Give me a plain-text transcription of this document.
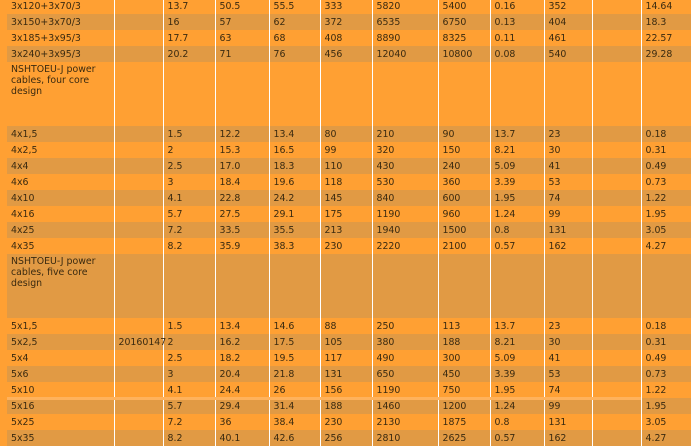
3x120+3x70/3		13.7	50.5	55.5	333	5820	5400	0.16	352		14.64
3x150+3x70/3		16	57	62	372	6535	6750	0.13	404		18.3
3x185+3x95/3		17.7	63	68	408	8890	8325	0.11	461		22.57
3x240+3x95/3		20.2	71	76	456	12040	10800	0.08	540		29.28
NSHTOEU-J power cables, four core design											
4x1,5		1.5	12.2	13.4	80	210	90	13.7	23		0.18
4x2,5		2	15.3	16.5	99	320	150	8.21	30		0.31
4x4		2.5	17.0	18.3	110	430	240	5.09	41		0.49
4x6		3	18.4	19.6	118	530	360	3.39	53		0.73
4x10		4.1	22.8	24.2	145	840	600	1.95	74		1.22
4x16		5.7	27.5	29.1	175	1190	960	1.24	99		1.95
4x25		7.2	33.5	35.5	213	1940	1500	0.8	131		3.05
4x35		8.2	35.9	38.3	230	2220	2100	0.57	162		4.27
NSHTOEU-J power cables, five core design											
5x1,5		1.5	13.4	14.6	88	250	113	13.7	23		0.18
5x2,5	20160147	2	16.2	17.5	105	380	188	8.21	30		0.31
5x4		2.5	18.2	19.5	117	490	300	5.09	41		0.49
5x6		3	20.4	21.8	131	650	450	3.39	53		0.73
5x10		4.1	24.4	26	156	1190	750	1.95	74		1.22
5x16		5.7	29.4	31.4	188	1460	1200	1.24	99		1.95
5x25		7.2	36	38.4	230	2130	1875	0.8	131		3.05
5x35		8.2	40.1	42.6	256	2810	2625	0.57	162		4.27
